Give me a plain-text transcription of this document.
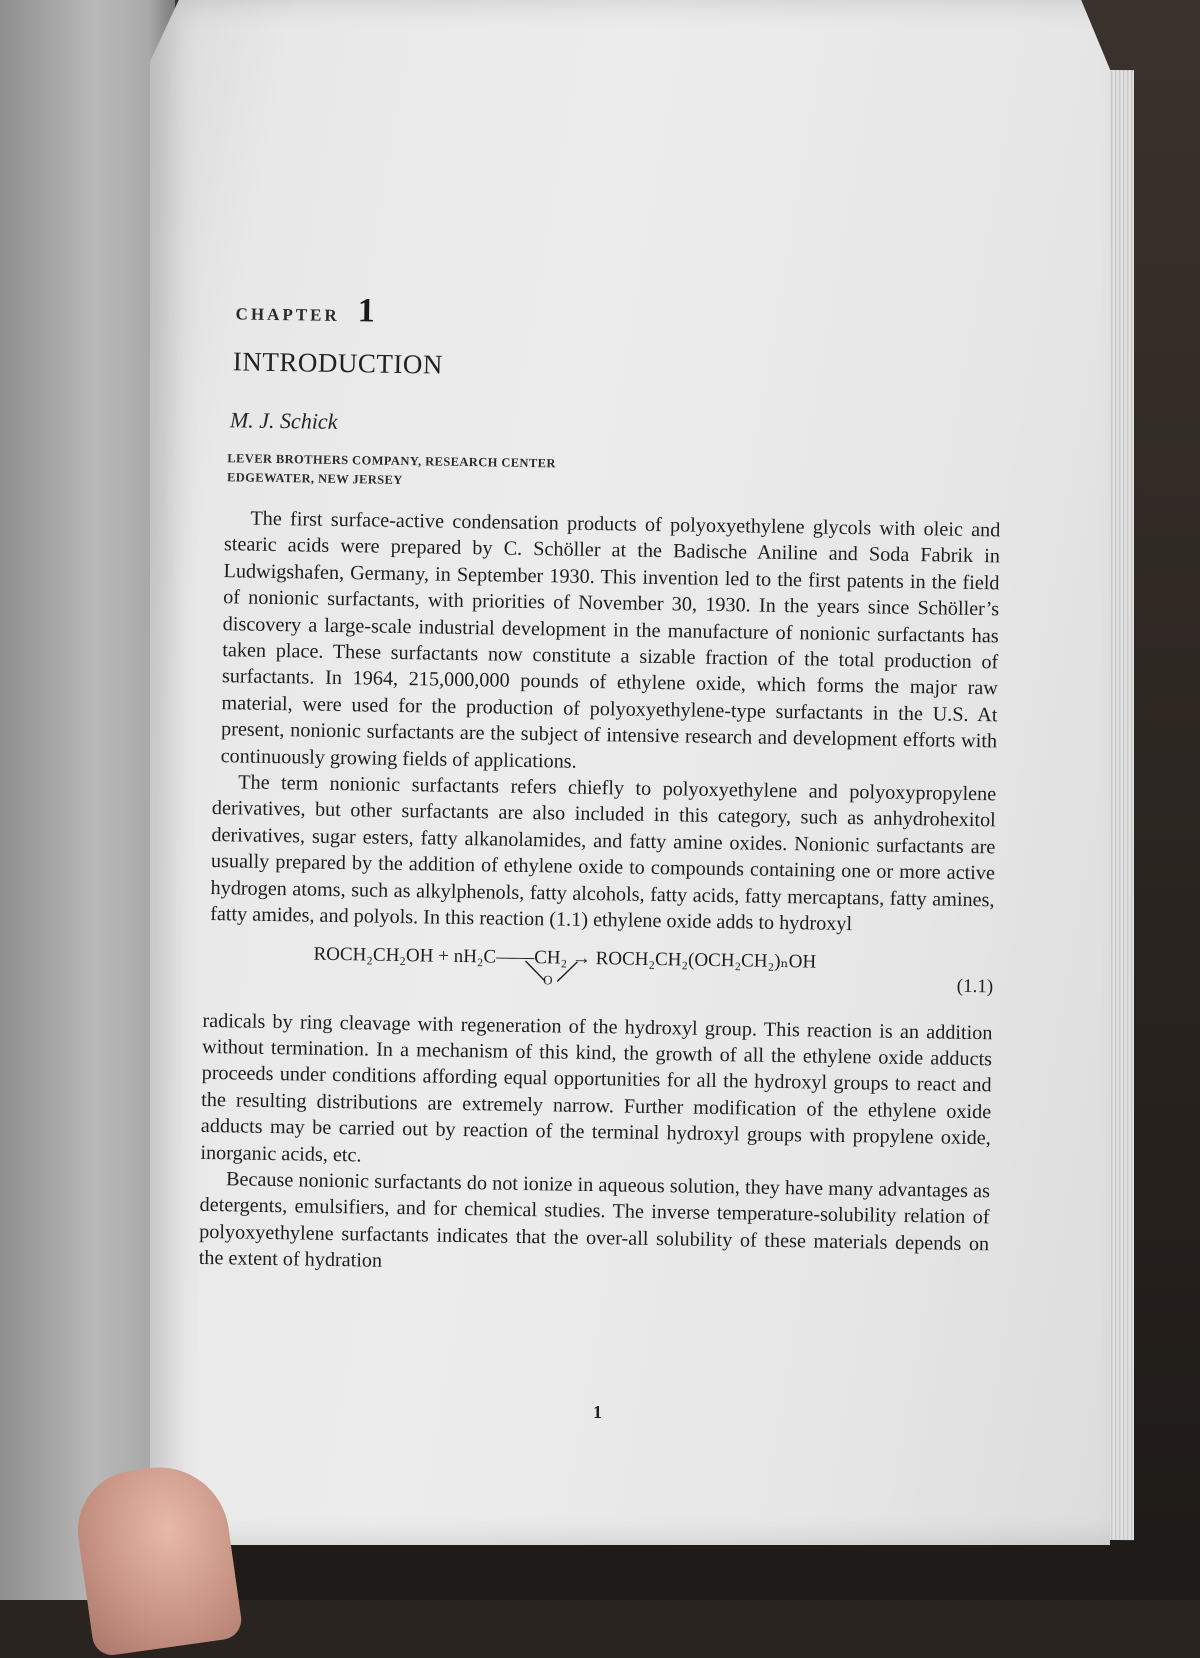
CHAPTER 1
INTRODUCTION
M. J. Schick
LEVER BROTHERS COMPANY, RESEARCH CENTER
EDGEWATER, NEW JERSEY

The first surface-active condensation products of polyoxyethylene glycols with oleic and stearic acids were prepared by C. Schöller at the Badische Aniline and Soda Fabrik in Ludwigshafen, Germany, in September 1930. This invention led to the first patents in the field of nonionic surfactants, with priorities of November 30, 1930. In the years since Schöller’s discovery a large-scale industrial development in the manufacture of nonionic surfactants has taken place. These surfactants now constitute a sizable fraction of the total production of surfactants. In 1964, 215,000,000 pounds of ethylene oxide, which forms the major raw material, were used for the production of polyoxyethylene-type surfactants in the U.S. At present, nonionic surfactants are the subject of intensive research and development efforts with continuously growing fields of applications.

The term nonionic surfactants refers chiefly to polyoxyethylene and polyoxypropylene derivatives, but other surfactants are also included in this category, such as anhydrohexitol derivatives, sugar esters, fatty alkanolamides, and fatty amine oxides. Nonionic surfactants are usually prepared by the addition of ethylene oxide to compounds containing one or more active hydrogen atoms, such as alkylphenols, fatty alcohols, fatty acids, fatty mercaptans, fatty amines, fatty amides, and polyols. In this reaction (1.1) ethylene oxide adds to hydroxyl

ROCH₂CH₂OH + nH₂C——CH₂ → ROCH₂CH₂(OCH₂CH₂)ₙOH
O	(1.1)

radicals by ring cleavage with regeneration of the hydroxyl group. This reaction is an addition without termination. In a mechanism of this kind, the growth of all the ethylene oxide adducts proceeds under conditions affording equal opportunities for all the hydroxyl groups to react and the resulting distributions are extremely narrow. Further modification of the ethylene oxide adducts may be carried out by reaction of the terminal hydroxyl groups with propylene oxide, inorganic acids, etc.

Because nonionic surfactants do not ionize in aqueous solution, they have many advantages as detergents, emulsifiers, and for chemical studies. The inverse temperature-solubility relation of polyoxyethylene surfactants indicates that the over-all solubility of these materials depends on the extent of hydration

1
